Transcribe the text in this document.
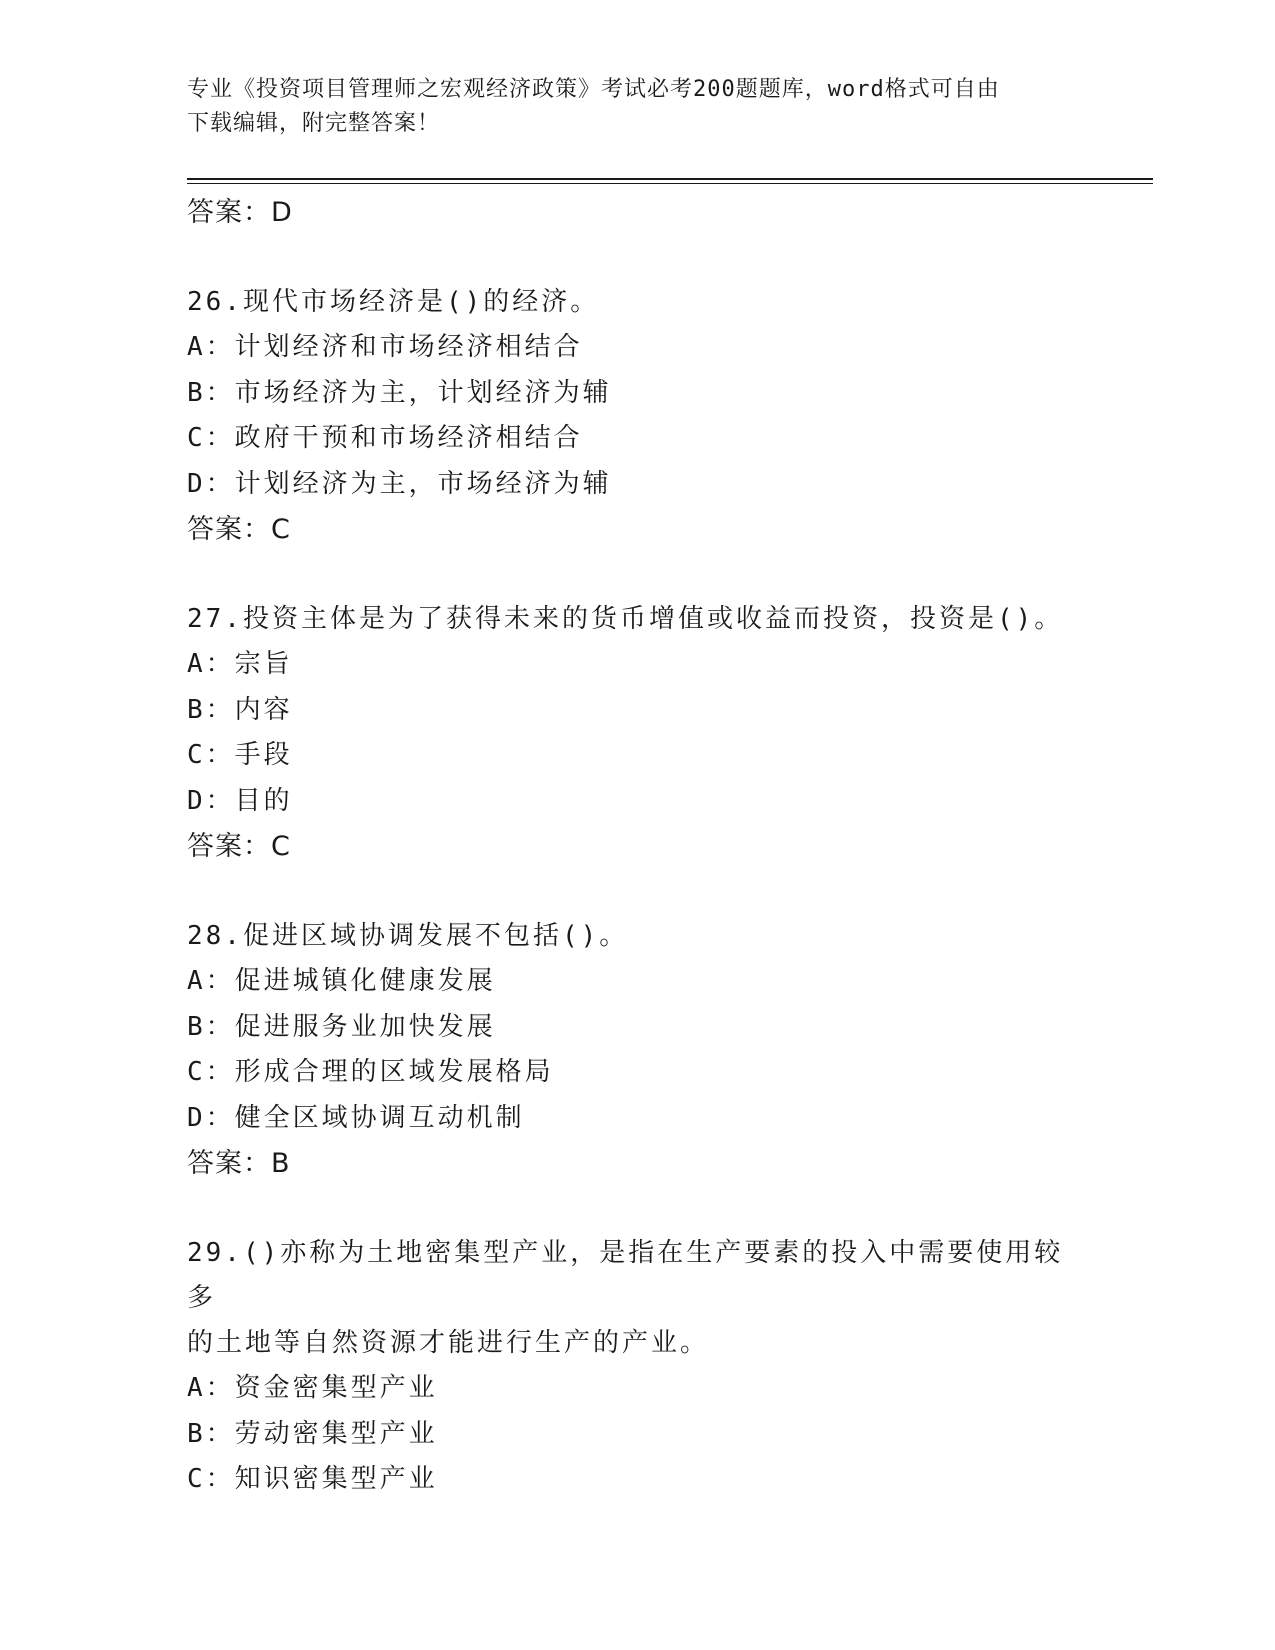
专业《投资项目管理师之宏观经济政策》考试必考200题题库，word格式可自由
下载编辑，附完整答案！

答案：D

26.现代市场经济是()的经济。

A：计划经济和市场经济相结合

B：市场经济为主，计划经济为辅

C：政府干预和市场经济相结合

D：计划经济为主，市场经济为辅

答案：C

27.投资主体是为了获得未来的货币增值或收益而投资，投资是()。

A：宗旨

B：内容

C：手段

D：目的

答案：C

28.促进区域协调发展不包括()。

A：促进城镇化健康发展

B：促进服务业加快发展

C：形成合理的区域发展格局

D：健全区域协调互动机制

答案：B

29.()亦称为土地密集型产业，是指在生产要素的投入中需要使用较多

的土地等自然资源才能进行生产的产业。

A：资金密集型产业

B：劳动密集型产业

C：知识密集型产业
